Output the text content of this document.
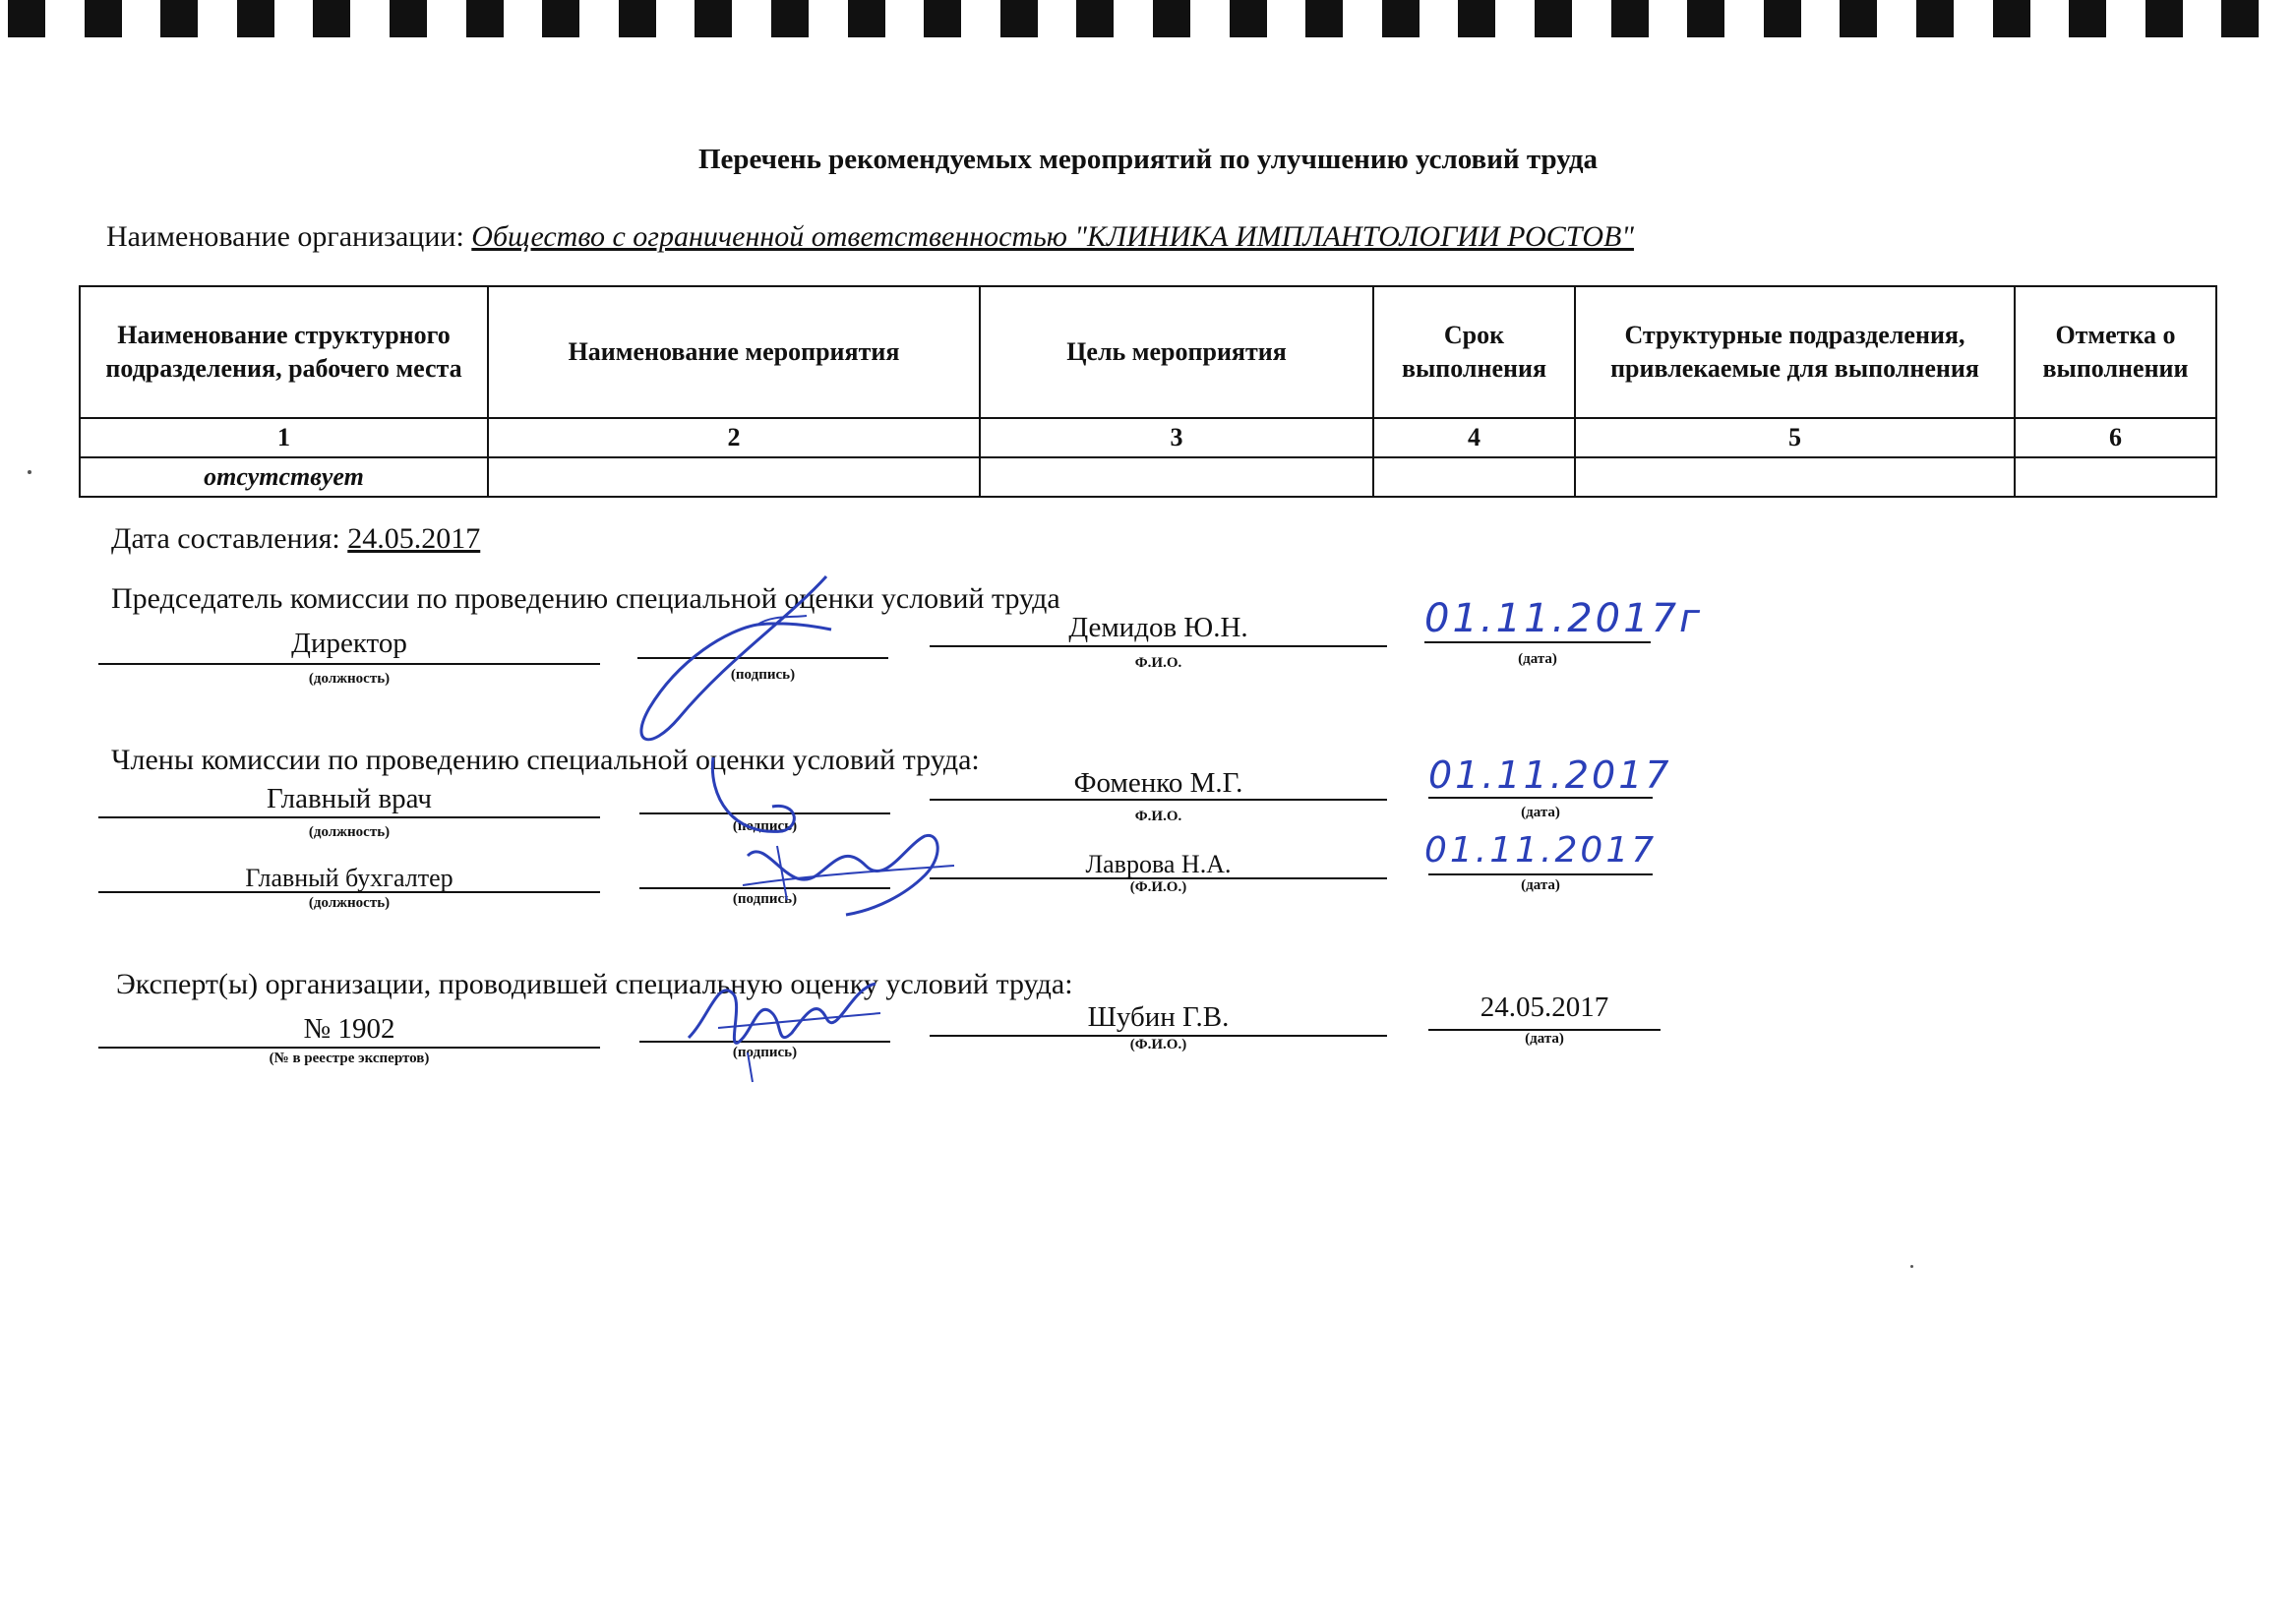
Перечень рекомендуемых мероприятий по улучшению условий труда
Наименование организации: Общество с ограниченной ответственностью "КЛИНИКА ИМПЛАНТОЛОГИИ РОСТОВ"
Наименование структурного подразделения, рабочего места	Наименование мероприятия	Цель мероприятия	Срок выполнения	Структурные подразделения, привлекаемые для выполнения	Отметка о выполнении
1	2	3	4	5	6
отсутствует					
Дата составления: 24.05.2017
Председатель комиссии по проведению специальной оценки условий труда
Директор
(должность)	(подпись)
Демидов Ю.Н.
Ф.И.О.
01.11.2017г
(дата)
Члены комиссии по проведению специальной оценки условий труда:
Главный врач
(должность)	(подпись)
Фоменко М.Г.
Ф.И.О.
01.11.2017
(дата)
Главный бухгалтер
(должность)	(подпись)
Лаврова Н.А.
(Ф.И.О.)
01.11.2017
(дата)
Эксперт(ы) организации, проводившей специальную оценку условий труда:
№ 1902
(№ в реестре экспертов)	(подпись)
Шубин Г.В.
(Ф.И.О.)
24.05.2017
(дата)
